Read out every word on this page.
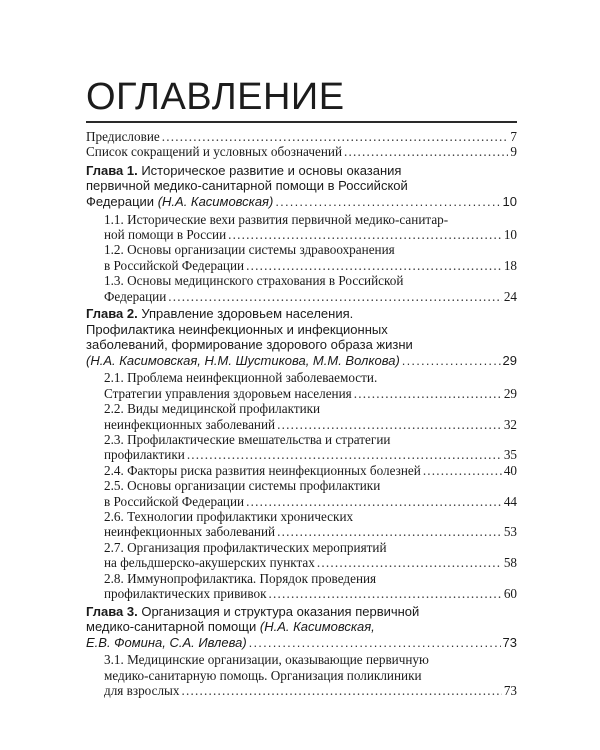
ОГЛАВЛЕНИЕ
Предисловие .....	7
Список сокращений и условных обозначений .....	9
Глава 1. Историческое развитие и основы оказания
первичной медико-санитарной помощи в Российской
Федерации (Н.А. Касимовская) .....	10
1.1. Исторические вехи развития первичной медико-санитар-
ной помощи в России .....	10
1.2. Основы организации системы здравоохранения
в Российской Федерации .....	18
1.3. Основы медицинского страхования в Российской
Федерации .....	24
Глава 2. Управление здоровьем населения.
Профилактика неинфекционных и инфекционных
заболеваний, формирование здорового образа жизни
(Н.А. Касимовская, Н.М. Шустикова, М.М. Волкова) .....	29
2.1. Проблема неинфекционной заболеваемости.
Стратегии управления здоровьем населения .....	29
2.2. Виды медицинской профилактики
неинфекционных заболеваний .....	32
2.3. Профилактические вмешательства и стратегии
профилактики .....	35
2.4. Факторы риска развития неинфекционных болезней .....	40
2.5. Основы организации системы профилактики
в Российской Федерации .....	44
2.6. Технологии профилактики хронических
неинфекционных заболеваний .....	53
2.7. Организация профилактических мероприятий
на фельдшерско-акушерских пунктах .....	58
2.8. Иммунопрофилактика. Порядок проведения
профилактических прививок .....	60
Глава 3. Организация и структура оказания первичной
медико-санитарной помощи (Н.А. Касимовская,
Е.В. Фомина, С.А. Ивлева) .....	73
3.1. Медицинские организации, оказывающие первичную
медико-санитарную помощь. Организация поликлиники
для взрослых .....	73
